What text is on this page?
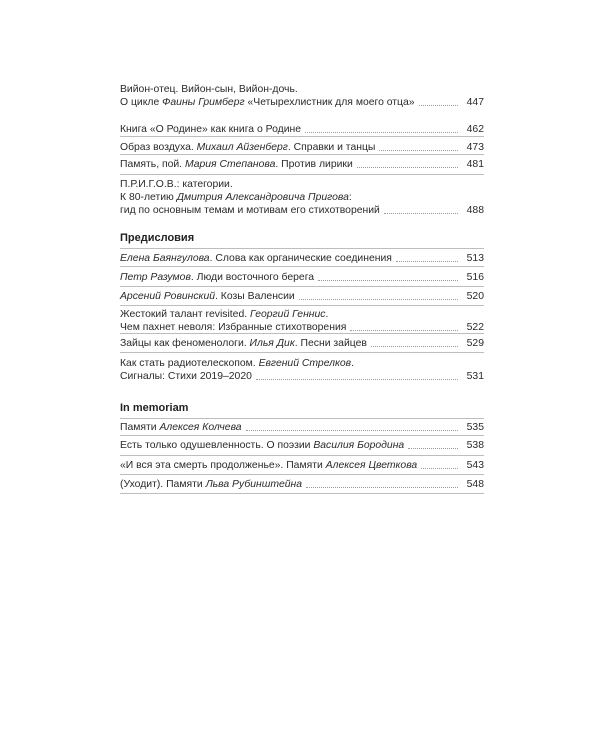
Вийон-отец. Вийон-сын, Вийон-дочь.
О цикле Фаины Гримберг «Четырехлистник для моего отца»	447
Книга «О Родине» как книга о Родине	462
Образ воздуха. Михаил Айзенберг. Справки и танцы	473
Память, пой. Мария Степанова. Против лирики	481
П.Р.И.Г.О.В.: категории.
К 80-летию Дмитрия Александровича Пригова:
гид по основным темам и мотивам его стихотворений	488
Предисловия
Елена Баянгулова. Слова как органические соединения	513
Петр Разумов. Люди восточного берега	516
Арсений Ровинский. Козы Валенсии	520
Жестокий талант revisited. Георгий Геннис.
Чем пахнет неволя: Избранные стихотворения	522
Зайцы как феноменологи. Илья Дик. Песни зайцев	529
Как стать радиотелескопом. Евгений Стрелков.
Сигналы: Стихи 2019–2020	531
In memoriam
Памяти Алексея Колчева	535
Есть только одушевленность. О поэзии Василия Бородина	538
«И вся эта смерть продолженье». Памяти Алексея Цветкова	543
(Уходит). Памяти Льва Рубинштейна	548
